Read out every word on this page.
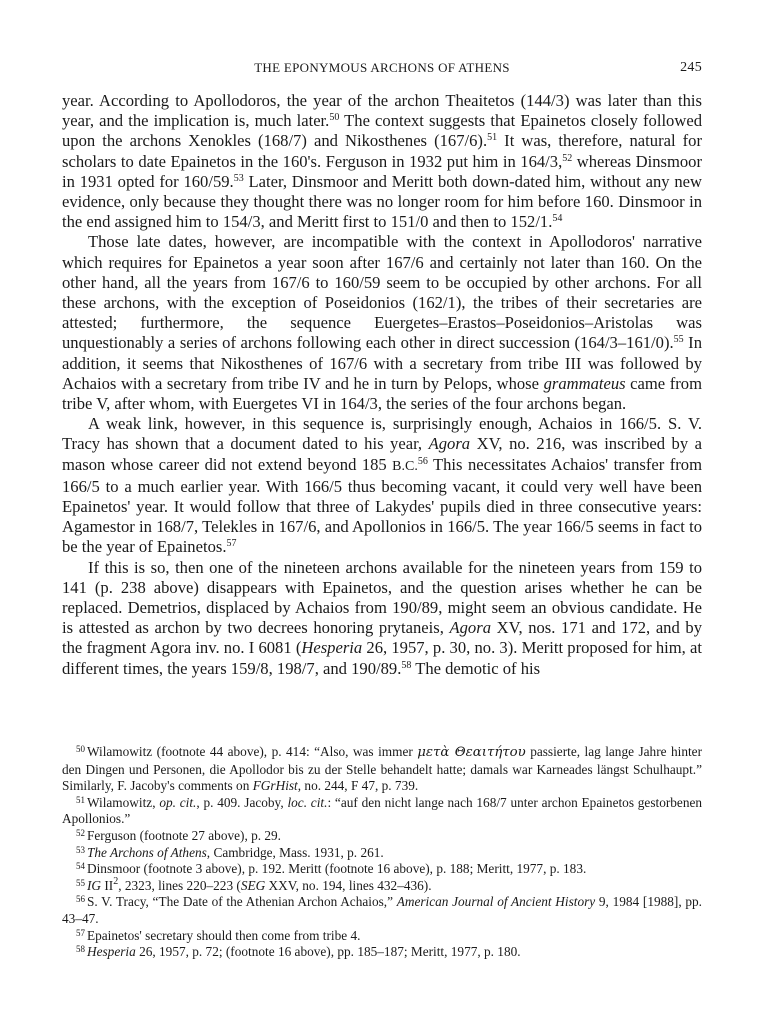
THE EPONYMOUS ARCHONS OF ATHENS	245

year. According to Apollodoros, the year of the archon Theaitetos (144/3) was later than this year, and the implication is, much later.$^{50}$ The context suggests that Epainetos closely followed upon the archons Xenokles (168/7) and Nikosthenes (167/6).$^{51}$ It was, therefore, natural for scholars to date Epainetos in the 160's. Ferguson in 1932 put him in 164/3,52 whereas Dinsmoor in 1931 opted for 160/59.53 Later, Dinsmoor and Meritt both down-dated him, without any new evidence, only because they thought there was no longer room for him before 160. Dinsmoor in the end assigned him to 154/3, and Meritt first to 151/0 and then to 152/1.54

Those late dates, however, are incompatible with the context in Apollodoros' narrative which requires for Epainetos a year soon after 167/6 and certainly not later than 160. On the other hand, all the years from 167/6 to 160/59 seem to be occupied by other archons. For all these archons, with the exception of Poseidonios (162/1), the tribes of their secretaries are attested; furthermore, the sequence Euergetes–Erastos–Poseidonios–Aristolas was unquestionably a series of archons following each other in direct succession (164/3–161/0).$^{55}$ In addition, it seems that Nikosthenes of 167/6 with a secretary from tribe III was followed by Achaios with a secretary from tribe IV and he in turn by Pelops, whose grammateus came from tribe V, after whom, with Euergetes VI in 164/3, the series of the four archons began.

A weak link, however, in this sequence is, surprisingly enough, Achaios in 166/5. S. V. Tracy has shown that a document dated to his year, Agora XV, no. 216, was inscribed by a mason whose career did not extend beyond 185 B.C.$^{56}$ This necessitates Achaios' transfer from 166/5 to a much earlier year. With 166/5 thus becoming vacant, it could very well have been Epainetos' year. It would follow that three of Lakydes' pupils died in three consecutive years: Agamestor in 168/7, Telekles in 167/6, and Apollonios in 166/5. The year 166/5 seems in fact to be the year of Epainetos.$^{57}$

If this is so, then one of the nineteen archons available for the nineteen years from 159 to 141 (p. 238 above) disappears with Epainetos, and the question arises whether he can be replaced. Demetrios, displaced by Achaios from 190/89, might seem an obvious candidate. He is attested as archon by two decrees honoring prytaneis, Agora XV, nos. 171 and 172, and by the fragment Agora inv. no. I 6081 (Hesperia 26, 1957, p. 30, no. 3). Meritt proposed for him, at different times, the years 159/8, 198/7, and 190/89.58 The demotic of his

$^{50}$ Wilamowitz (footnote 44 above), p. 414: “Also, was immer μετὰ Θεαιτήτου passierte, lag lange Jahre hinter den Dingen und Personen, die Apollodor bis zu der Stelle behandelt hatte; damals war Karneades längst Schulhaupt.” Similarly, F. Jacoby's comments on FGrHist, no. 244, F 47, p. 739.

$^{51}$ Wilamowitz, op. cit., p. 409. Jacoby, loc. cit.: “auf den nicht lange nach 168/7 unter archon Epainetos gestorbenen Apollonios.”

$^{52}$ Ferguson (footnote 27 above), p. 29.

$^{53}$ The Archons of Athens, Cambridge, Mass. 1931, p. 261.

$^{54}$ Dinsmoor (footnote 3 above), p. 192. Meritt (footnote 16 above), p. 188; Meritt, 1977, p. 183.

$^{55}$ IG $II^2$, 2323, lines 220–223 (SEG XXV, no. 194, lines 432–436).

$^{56}$ S. V. Tracy, “The Date of the Athenian Archon Achaios,” American Journal of Ancient History 9, 1984 [1988], pp. 43–47.

$^{57}$ Epainetos' secretary should then come from tribe 4.

$^{58}$ Hesperia 26, 1957, p. 72; (footnote 16 above), pp. 185–187; Meritt, 1977, p. 180.
